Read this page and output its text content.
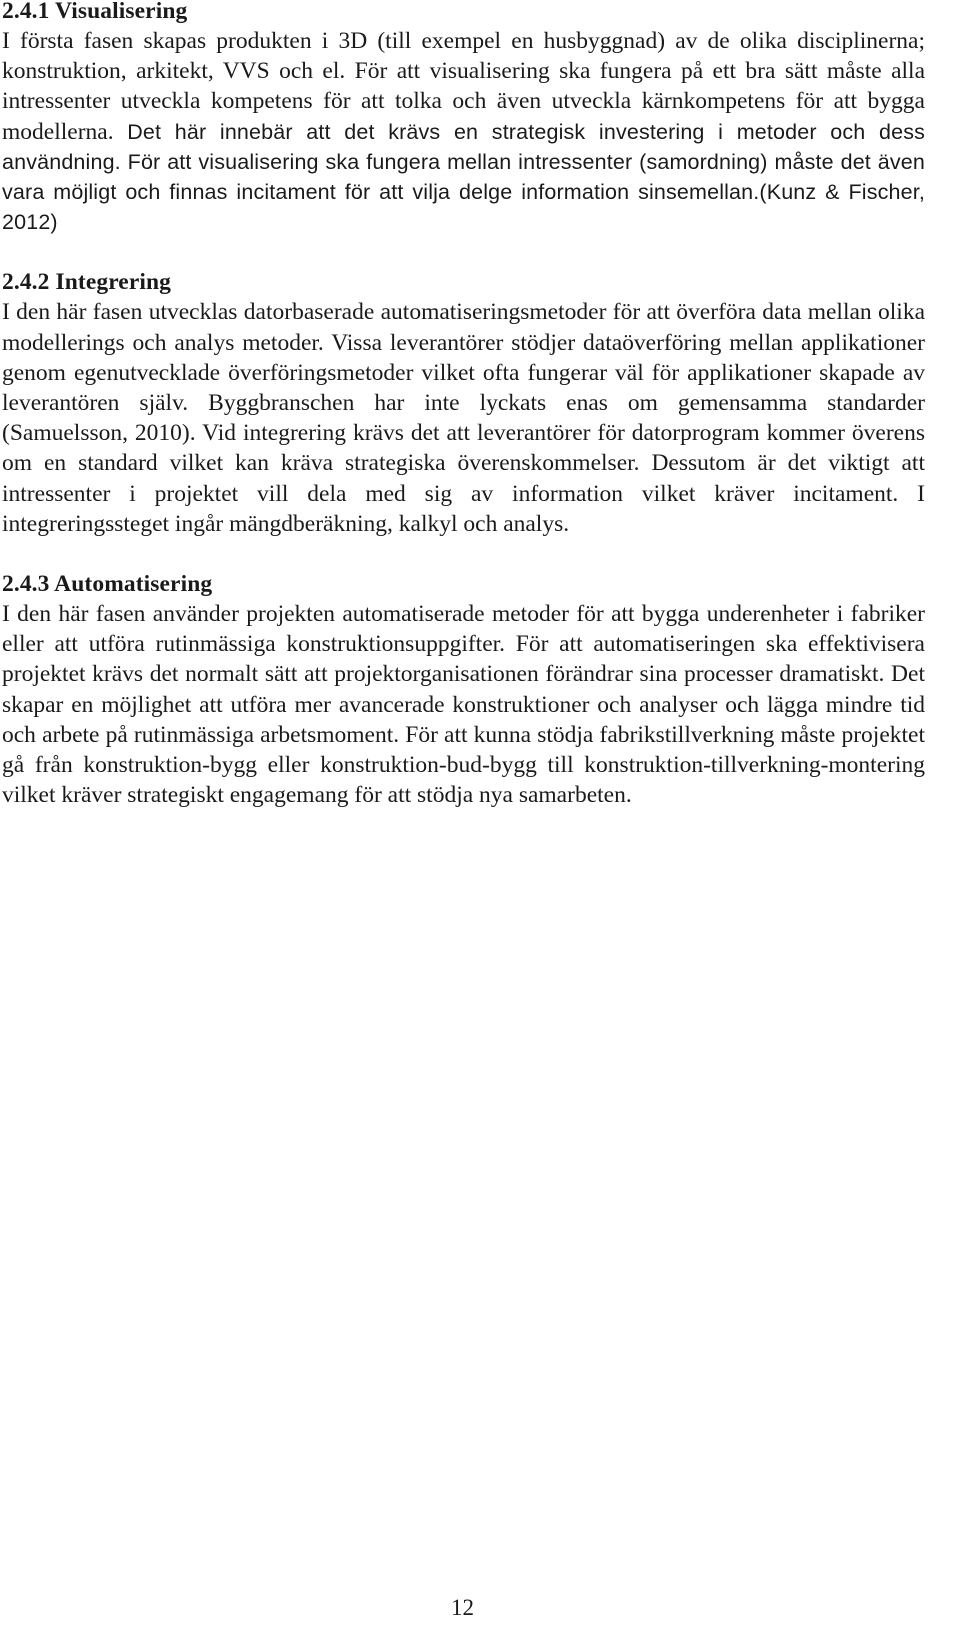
2.4.1 Visualisering

I första fasen skapas produkten i 3D (till exempel en husbyggnad) av de olika disciplinerna; konstruktion, arkitekt, VVS och el. För att visualisering ska fungera på ett bra sätt måste alla intressenter utveckla kompetens för att tolka och även utveckla kärnkompetens för att bygga modellerna. Det här innebär att det krävs en strategisk investering i metoder och dess användning. För att visualisering ska fungera mellan intressenter (samordning) måste det även vara möjligt och finnas incitament för att vilja delge information sinsemellan.(Kunz & Fischer, 2012)

2.4.2 Integrering

I den här fasen utvecklas datorbaserade automatiseringsmetoder för att överföra data mellan olika modellerings och analys metoder. Vissa leverantörer stödjer dataöverföring mellan applikationer genom egenutvecklade överföringsmetoder vilket ofta fungerar väl för applikationer skapade av leverantören själv. Byggbranschen har inte lyckats enas om gemensamma standarder (Samuelsson, 2010). Vid integrering krävs det att leverantörer för datorprogram kommer överens om en standard vilket kan kräva strategiska överenskommelser. Dessutom är det viktigt att intressenter i projektet vill dela med sig av information vilket kräver incitament. I integreringssteget ingår mängdberäkning, kalkyl och analys.

2.4.3 Automatisering

I den här fasen använder projekten automatiserade metoder för att bygga underenheter i fabriker eller att utföra rutinmässiga konstruktionsuppgifter. För att automatiseringen ska effektivisera projektet krävs det normalt sätt att projektorganisationen förändrar sina processer dramatiskt. Det skapar en möjlighet att utföra mer avancerade konstruktioner och analyser och lägga mindre tid och arbete på rutinmässiga arbetsmoment. För att kunna stödja fabrikstillverkning måste projektet gå från konstruktion-bygg eller konstruktion-bud-bygg till konstruktion-tillverkning-montering vilket kräver strategiskt engagemang för att stödja nya samarbeten.

12
